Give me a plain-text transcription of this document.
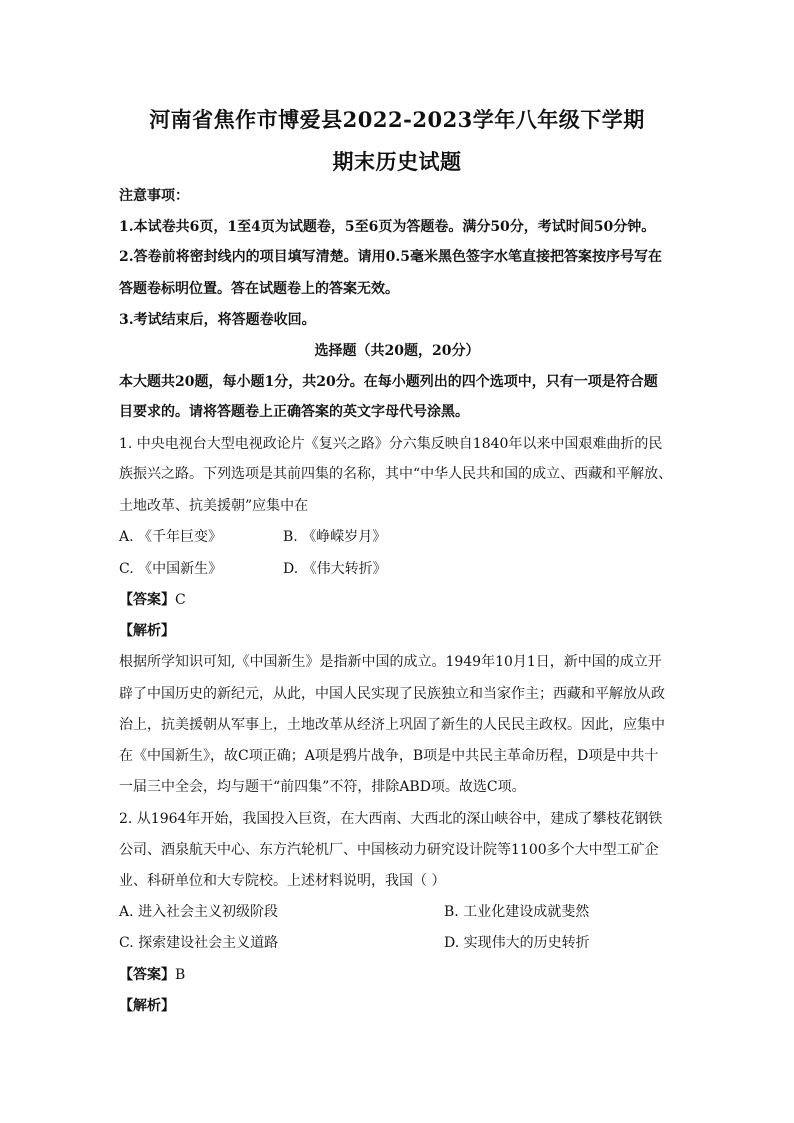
河南省焦作市博爱县2022-2023学年八年级下学期
期末历史试题
注意事项：
1.本试卷共6页，1至4页为试题卷，5至6页为答题卷。满分50分，考试时间50分钟。
2.答卷前将密封线内的项目填写清楚。请用0.5毫米黑色签字水笔直接把答案按序号写在
答题卷标明位置。答在试题卷上的答案无效。
3.考试结束后，将答题卷收回。
选择题（共20题，20分）
本大题共20题，每小题1分，共20分。在每小题列出的四个选项中，只有一项是符合题
目要求的。请将答题卷上正确答案的英文字母代号涂黑。
1. 中央电视台大型电视政论片《复兴之路》分六集反映自1840年以来中国艰难曲折的民
族振兴之路。下列选项是其前四集的名称，其中“中华人民共和国的成立、西藏和平解放、
土地改革、抗美援朝”应集中在
A. 《千年巨变》	B. 《峥嵘岁月》
C. 《中国新生》	D. 《伟大转折》
【答案】C
【解析】
根据所学知识可知,《中国新生》是指新中国的成立。1949年10月1日，新中国的成立开
辟了中国历史的新纪元，从此，中国人民实现了民族独立和当家作主；西藏和平解放从政
治上，抗美援朝从军事上，土地改革从经济上巩固了新生的人民民主政权。因此，应集中
在《中国新生》，故C项正确；A项是鸦片战争，B项是中共民主革命历程，D项是中共十
一届三中全会，均与题干“前四集”不符，排除ABD项。故选C项。
2. 从1964年开始，我国投入巨资，在大西南、大西北的深山峡谷中，建成了攀枝花钢铁
公司、酒泉航天中心、东方汽轮机厂、中国核动力研究设计院等1100多个大中型工矿企
业、科研单位和大专院校。上述材料说明，我国（ ）
A. 进入社会主义初级阶段	B. 工业化建设成就斐然
C. 探索建设社会主义道路	D. 实现伟大的历史转折
【答案】B
【解析】
